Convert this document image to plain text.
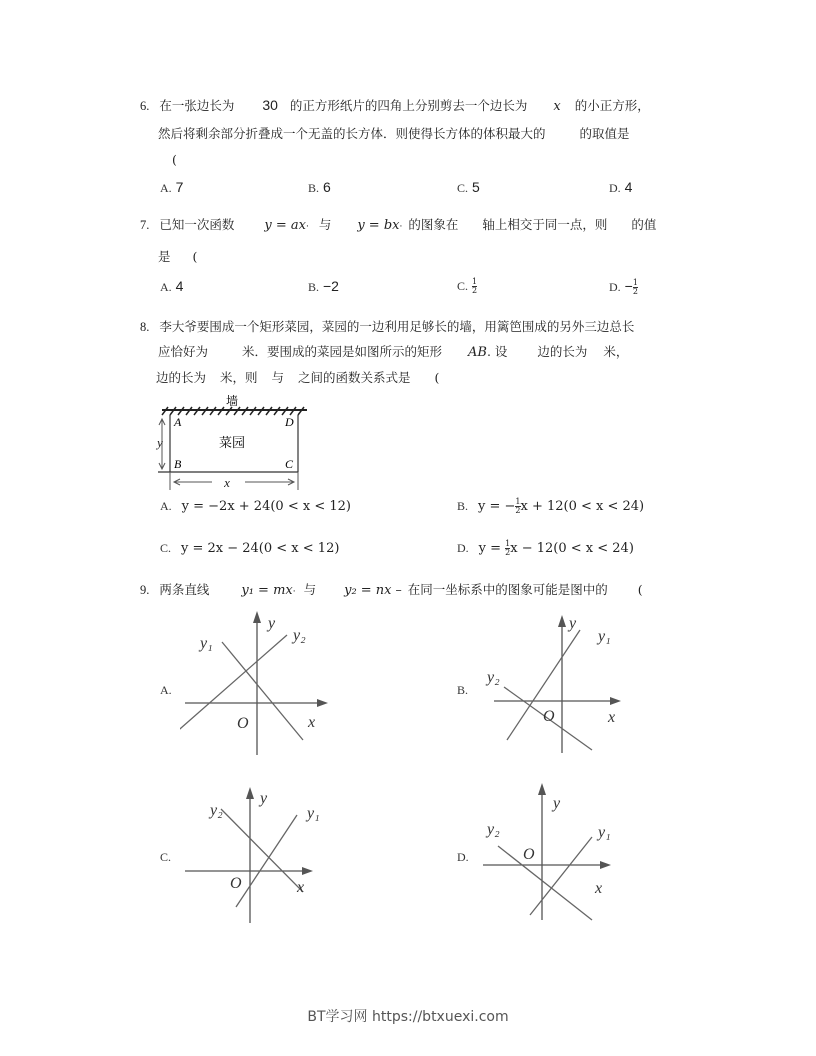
6. 在一张边长为 30 的正方形纸片的四角上分别剪去一个边长为 x 的小正方形，
然后将剩余部分折叠成一个无盖的长方体．则使得长方体的体积最大的	的取值是
(
A. 7	B. 6	C. 5	D. 4
7. 已知一次函数 y = ax· 与 y = bx· 的图象在 轴上相交于同一点，则 的值
是 (
A. 4	B. −2	C. $\frac{1}{2}$	D. − $\frac{1}{2}$
8. 李大爷要围成一个矩形菜园，菜园的一边利用足够长的墙，用篱笆围成的另外三边总长
应恰好为	米．要围成的菜园是如图所示的矩形 AB. 设 边的长为 米，
边的长为 米，则 与 之间的函数关系式是 (
墙
y
x
A	D
B	C
菜园
A. y = −2x + 24(0 < x < 12)	B. y = − $\frac{1}{2}$ x + 12(0 < x < 24)
C. y = 2x − 24(0 < x < 12)	D. $y = \frac{1}{2}$ x − 12(0 < x < 24)
9. 两条直线 y₁ = mx· 与 y₂ = nx – 在同一坐标系中的图象可能是图中的 (
A.
y
x
O
y₁	y₂
B.
y
x
O
y₁
y₂
C.
y
x
O
y₁
y₂
D.
y
x
O
y₁
y₂
BT学习网 https://btxuexi.com
